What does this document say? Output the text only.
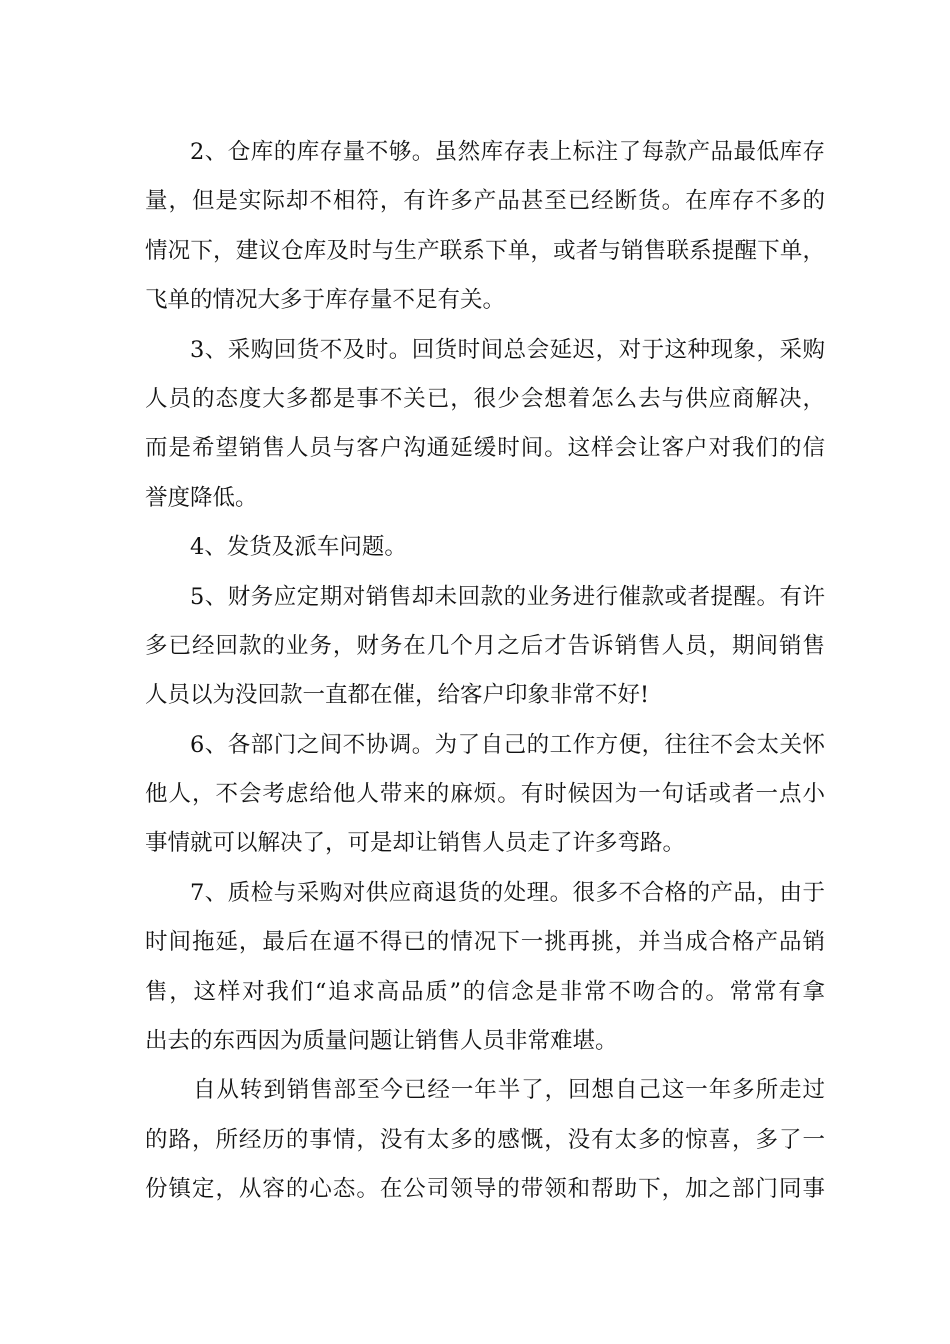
2、仓库的库存量不够。虽然库存表上标注了每款产品最低库存
量，但是实际却不相符，有许多产品甚至已经断货。在库存不多的
情况下，建议仓库及时与生产联系下单，或者与销售联系提醒下单，
飞单的情况大多于库存量不足有关。
3、采购回货不及时。回货时间总会延迟，对于这种现象，采购
人员的态度大多都是事不关已，很少会想着怎么去与供应商解决，
而是希望销售人员与客户沟通延缓时间。这样会让客户对我们的信
誉度降低。
4、发货及派车问题。
5、财务应定期对销售却未回款的业务进行催款或者提醒。有许
多已经回款的业务，财务在几个月之后才告诉销售人员，期间销售
人员以为没回款一直都在催，给客户印象非常不好!
6、各部门之间不协调。为了自己的工作方便，往往不会太关怀
他人，不会考虑给他人带来的麻烦。有时候因为一句话或者一点小
事情就可以解决了，可是却让销售人员走了许多弯路。
7、质检与采购对供应商退货的处理。很多不合格的产品，由于
时间拖延，最后在逼不得已的情况下一挑再挑，并当成合格产品销
售，这样对我们“追求高品质”的信念是非常不吻合的。常常有拿
出去的东西因为质量问题让销售人员非常难堪。
自从转到销售部至今已经一年半了，回想自己这一年多所走过
的路，所经历的事情，没有太多的感慨，没有太多的惊喜，多了一
份镇定，从容的心态。在公司领导的带领和帮助下，加之部门同事
